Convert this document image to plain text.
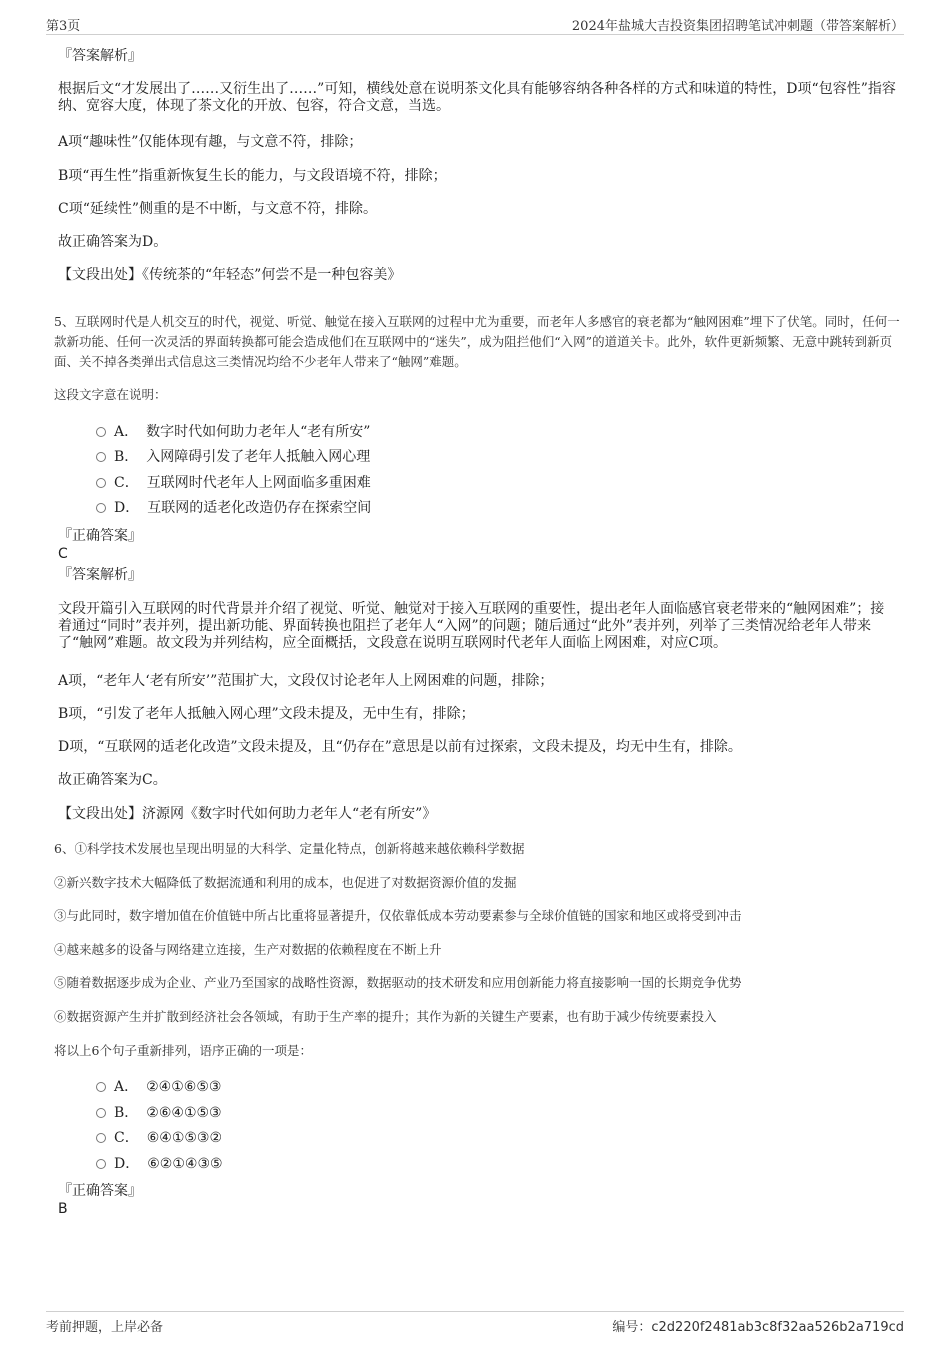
第3页	2024年盐城大吉投资集团招聘笔试冲刺题（带答案解析）
『答案解析』
根据后文“才发展出了……又衍生出了……”可知，横线处意在说明茶文化具有能够容纳各种各样的方式和味道的特性，D项“包容性”指容纳、宽容大度，体现了茶文化的开放、包容，符合文意，当选。
A项“趣味性”仅能体现有趣，与文意不符，排除；
B项“再生性”指重新恢复生长的能力，与文段语境不符，排除；
C项“延续性”侧重的是不中断，与文意不符，排除。
故正确答案为D。
【文段出处】《传统茶的“年轻态”何尝不是一种包容美》
5、互联网时代是人机交互的时代，视觉、听觉、触觉在接入互联网的过程中尤为重要，而老年人多感官的衰老都为“触网困难”埋下了伏笔。同时，任何一款新功能、任何一次灵活的界面转换都可能会造成他们在互联网中的“迷失”，成为阻拦他们“入网”的道道关卡。此外，软件更新频繁、无意中跳转到新页面、关不掉各类弹出式信息这三类情况均给不少老年人带来了“触网”难题。
这段文字意在说明：
A． 数字时代如何助力老年人“老有所安”
B． 入网障碍引发了老年人抵触入网心理
C． 互联网时代老年人上网面临多重困难
D． 互联网的适老化改造仍存在探索空间
『正确答案』
C
『答案解析』
文段开篇引入互联网的时代背景并介绍了视觉、听觉、触觉对于接入互联网的重要性，提出老年人面临感官衰老带来的“触网困难”；接着通过“同时”表并列，提出新功能、界面转换也阻拦了老年人“入网”的问题；随后通过“此外”表并列，列举了三类情况给老年人带来了“触网”难题。故文段为并列结构，应全面概括，文段意在说明互联网时代老年人面临上网困难，对应C项。
A项，“老年人‘老有所安’”范围扩大，文段仅讨论老年人上网困难的问题，排除；
B项，“引发了老年人抵触入网心理”文段未提及，无中生有，排除；
D项，“互联网的适老化改造”文段未提及，且“仍存在”意思是以前有过探索，文段未提及，均无中生有，排除。
故正确答案为C。
【文段出处】济源网《数字时代如何助力老年人“老有所安”》
6、①科学技术发展也呈现出明显的大科学、定量化特点，创新将越来越依赖科学数据
②新兴数字技术大幅降低了数据流通和利用的成本，也促进了对数据资源价值的发掘
③与此同时，数字增加值在价值链中所占比重将显著提升，仅依靠低成本劳动要素参与全球价值链的国家和地区或将受到冲击
④越来越多的设备与网络建立连接，生产对数据的依赖程度在不断上升
⑤随着数据逐步成为企业、产业乃至国家的战略性资源，数据驱动的技术研发和应用创新能力将直接影响一国的长期竞争优势
⑥数据资源产生并扩散到经济社会各领域，有助于生产率的提升；其作为新的关键生产要素，也有助于减少传统要素投入
将以上6个句子重新排列，语序正确的一项是：
A． ②④①⑥⑤③
B． ②⑥④①⑤③
C． ⑥④①⑤③②
D． ⑥②①④③⑤
『正确答案』
B
考前押题，上岸必备	编号：c2d220f2481ab3c8f32aa526b2a719cd
